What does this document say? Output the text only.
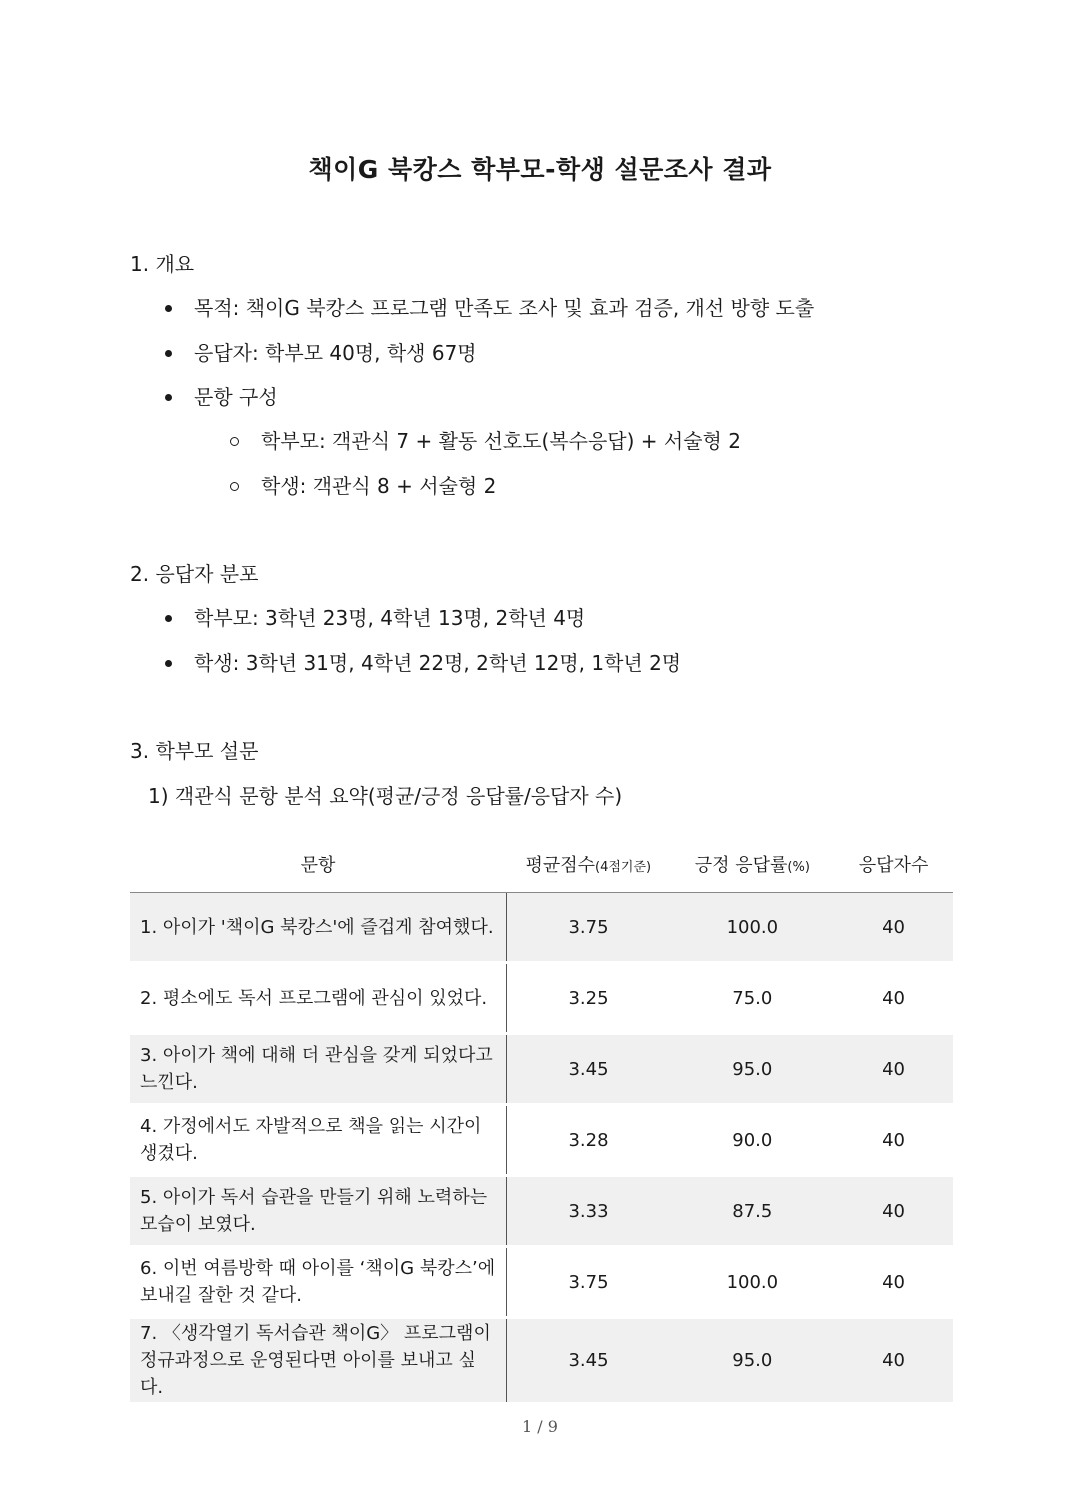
책이G 북캉스 학부모-학생 설문조사 결과
1. 개요
목적: 책이G 북캉스 프로그램 만족도 조사 및 효과 검증, 개선 방향 도출
응답자: 학부모 40명, 학생 67명
문항 구성
학부모: 객관식 7 + 활동 선호도(복수응답) + 서술형 2
학생: 객관식 8 + 서술형 2
2. 응답자 분포
학부모: 3학년 23명, 4학년 13명, 2학년 4명
학생: 3학년 31명, 4학년 22명, 2학년 12명, 1학년 2명
3. 학부모 설문
1) 객관식 문항 분석 요약(평균/긍정 응답률/응답자 수)
문항	평균점수(4점기준)	긍정 응답률(%)	응답자수
1. 아이가 '책이G 북캉스'에 즐겁게 참여했다.	3.75	100.0	40
2. 평소에도 독서 프로그램에 관심이 있었다.	3.25	75.0	40
3. 아이가 책에 대해 더 관심을 갖게 되었다고 느낀다.	3.45	95.0	40
4. 가정에서도 자발적으로 책을 읽는 시간이 생겼다.	3.28	90.0	40
5. 아이가 독서 습관을 만들기 위해 노력하는 모습이 보였다.	3.33	87.5	40
6. 이번 여름방학 때 아이를 ‘책이G 북캉스’에 보내길 잘한 것 같다.	3.75	100.0	40
7. 〈생각열기 독서습관 책이G〉 프로그램이 정규과정으로 운영된다면 아이를 보내고 싶다.	3.45	95.0	40
1 / 9
